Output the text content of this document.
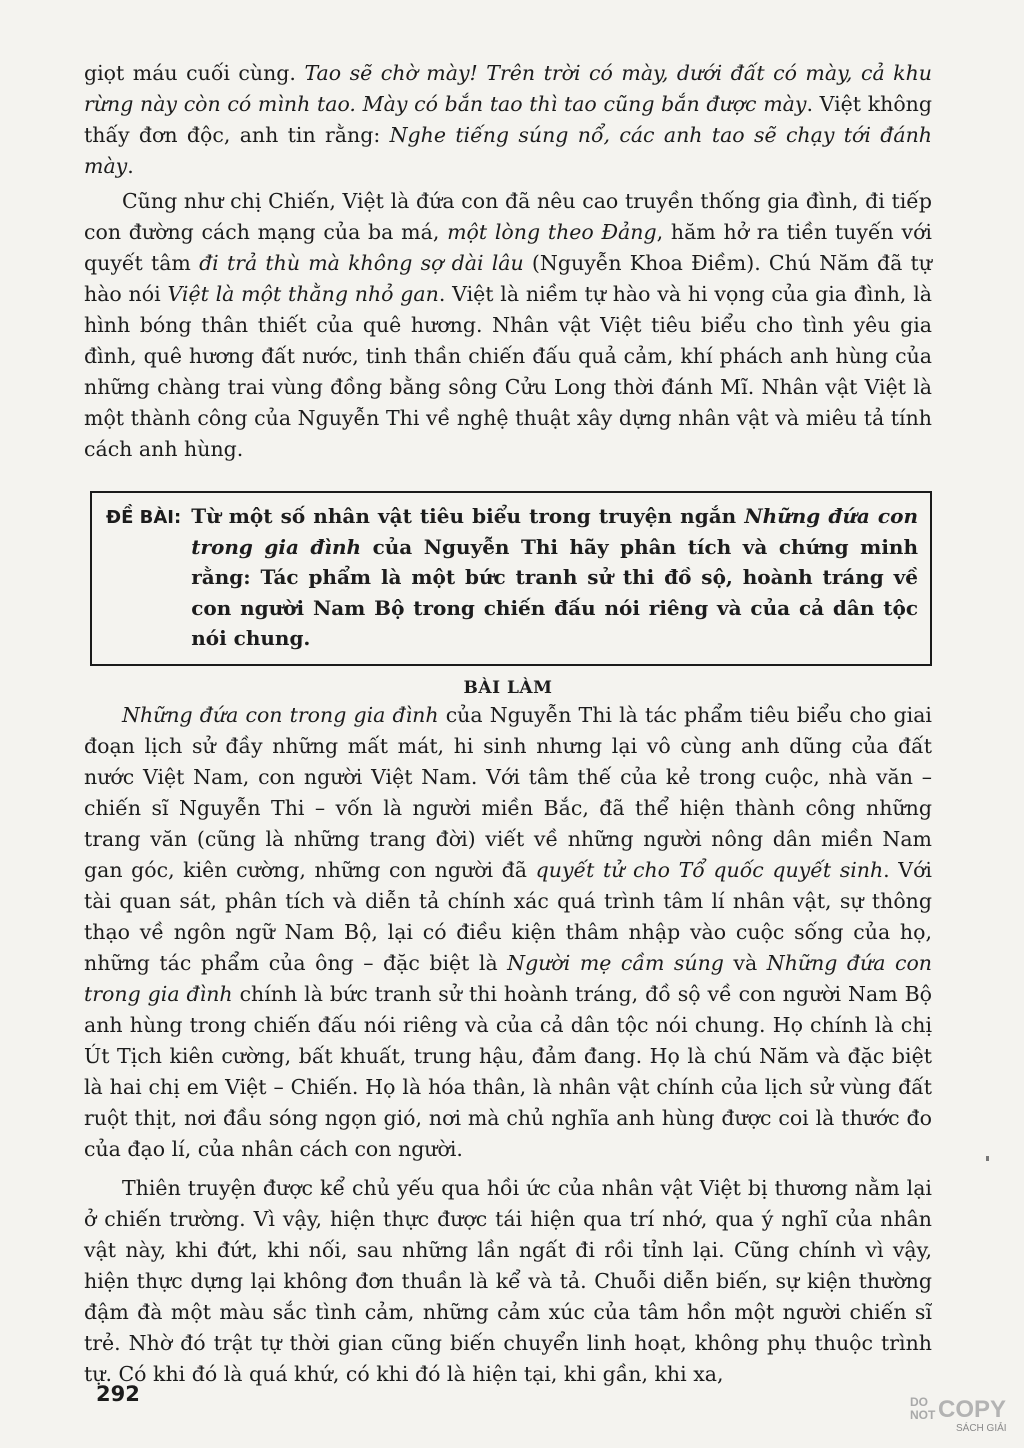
giọt máu cuối cùng. Tao sẽ chờ mày! Trên trời có mày, dưới đất có mày, cả khu rừng này còn có mình tao. Mày có bắn tao thì tao cũng bắn được mày. Việt không thấy đơn độc, anh tin rằng: Nghe tiếng súng nổ, các anh tao sẽ chạy tới đánh mày.

Cũng như chị Chiến, Việt là đứa con đã nêu cao truyền thống gia đình, đi tiếp con đường cách mạng của ba má, một lòng theo Đảng, hăm hở ra tiền tuyến với quyết tâm đi trả thù mà không sợ dài lâu (Nguyễn Khoa Điềm). Chú Năm đã tự hào nói Việt là một thằng nhỏ gan. Việt là niềm tự hào và hi vọng của gia đình, là hình bóng thân thiết của quê hương. Nhân vật Việt tiêu biểu cho tình yêu gia đình, quê hương đất nước, tinh thần chiến đấu quả cảm, khí phách anh hùng của những chàng trai vùng đồng bằng sông Cửu Long thời đánh Mĩ. Nhân vật Việt là một thành công của Nguyễn Thi về nghệ thuật xây dựng nhân vật và miêu tả tính cách anh hùng.

ĐỀ BÀI: Từ một số nhân vật tiêu biểu trong truyện ngắn Những đứa con trong gia đình của Nguyễn Thi hãy phân tích và chứng minh rằng: Tác phẩm là một bức tranh sử thi đồ sộ, hoành tráng về con người Nam Bộ trong chiến đấu nói riêng và của cả dân tộc nói chung.
BÀI LÀM

Những đứa con trong gia đình của Nguyễn Thi là tác phẩm tiêu biểu cho giai đoạn lịch sử đầy những mất mát, hi sinh nhưng lại vô cùng anh dũng của đất nước Việt Nam, con người Việt Nam. Với tâm thế của kẻ trong cuộc, nhà văn – chiến sĩ Nguyễn Thi – vốn là người miền Bắc, đã thể hiện thành công những trang văn (cũng là những trang đời) viết về những người nông dân miền Nam gan góc, kiên cường, những con người đã quyết tử cho Tổ quốc quyết sinh. Với tài quan sát, phân tích và diễn tả chính xác quá trình tâm lí nhân vật, sự thông thạo về ngôn ngữ Nam Bộ, lại có điều kiện thâm nhập vào cuộc sống của họ, những tác phẩm của ông – đặc biệt là Người mẹ cầm súng và Những đứa con trong gia đình chính là bức tranh sử thi hoành tráng, đồ sộ về con người Nam Bộ anh hùng trong chiến đấu nói riêng và của cả dân tộc nói chung. Họ chính là chị Út Tịch kiên cường, bất khuất, trung hậu, đảm đang. Họ là chú Năm và đặc biệt là hai chị em Việt – Chiến. Họ là hóa thân, là nhân vật chính của lịch sử vùng đất ruột thịt, nơi đầu sóng ngọn gió, nơi mà chủ nghĩa anh hùng được coi là thước đo của đạo lí, của nhân cách con người.

Thiên truyện được kể chủ yếu qua hồi ức của nhân vật Việt bị thương nằm lại ở chiến trường. Vì vậy, hiện thực được tái hiện qua trí nhớ, qua ý nghĩ của nhân vật này, khi đứt, khi nối, sau những lần ngất đi rồi tỉnh lại. Cũng chính vì vậy, hiện thực dựng lại không đơn thuần là kể và tả. Chuỗi diễn biến, sự kiện thường đậm đà một màu sắc tình cảm, những cảm xúc của tâm hồn một người chiến sĩ trẻ. Nhờ đó trật tự thời gian cũng biến chuyển linh hoạt, không phụ thuộc trình tự. Có khi đó là quá khứ, có khi đó là hiện tại, khi gần, khi xa,

292	DO
NOT COPY
SÁCH GIẢI
